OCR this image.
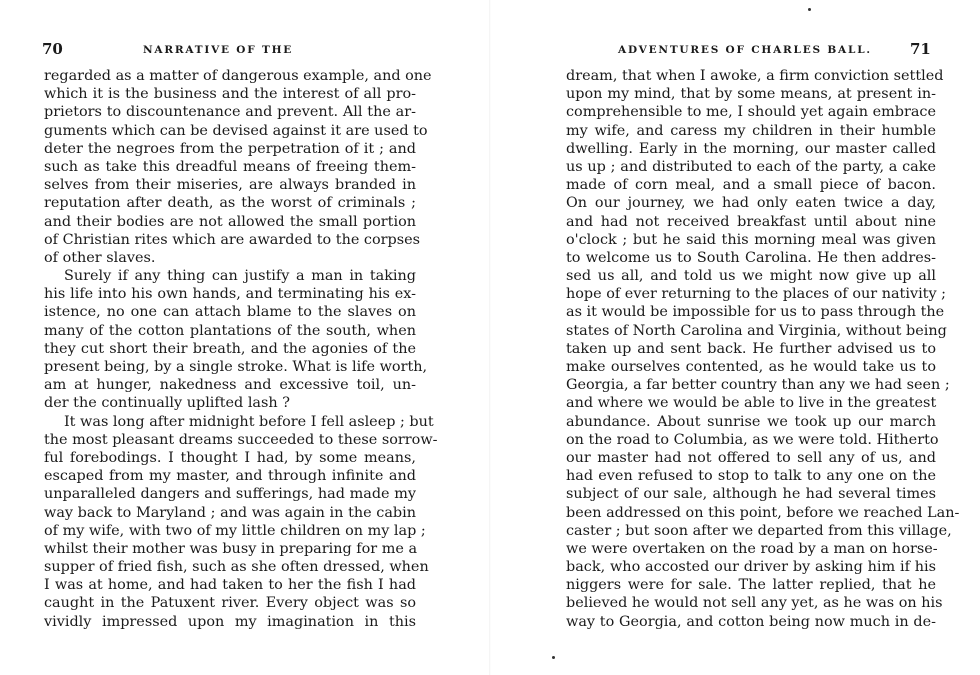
70	NARRATIVE OF THE
regarded as a matter of dangerous example, and one
which it is the business and the interest of all pro-
prietors to discountenance and prevent. All the ar-
guments which can be devised against it are used to
deter the negroes from the perpetration of it ; and
such as take this dreadful means of freeing them-
selves from their miseries, are always branded in
reputation after death, as the worst of criminals ;
and their bodies are not allowed the small portion
of Christian rites which are awarded to the corpses
of other slaves.
Surely if any thing can justify a man in taking
his life into his own hands, and terminating his ex-
istence, no one can attach blame to the slaves on
many of the cotton plantations of the south, when
they cut short their breath, and the agonies of the
present being, by a single stroke. What is life worth,
am at hunger, nakedness and excessive toil, un-
der the continually uplifted lash ?
It was long after midnight before I fell asleep ; but
the most pleasant dreams succeeded to these sorrow-
ful forebodings. I thought I had, by some means,
escaped from my master, and through infinite and
unparalleled dangers and sufferings, had made my
way back to Maryland ; and was again in the cabin
of my wife, with two of my little children on my lap ;
whilst their mother was busy in preparing for me a
supper of fried fish, such as she often dressed, when
I was at home, and had taken to her the fish I had
caught in the Patuxent river. Every object was so
vividly impressed upon my imagination in this
ADVENTURES OF CHARLES BALL.	71
dream, that when I awoke, a firm conviction settled
upon my mind, that by some means, at present in-
comprehensible to me, I should yet again embrace
my wife, and caress my children in their humble
dwelling. Early in the morning, our master called
us up ; and distributed to each of the party, a cake
made of corn meal, and a small piece of bacon.
On our journey, we had only eaten twice a day,
and had not received breakfast until about nine
o'clock ; but he said this morning meal was given
to welcome us to South Carolina. He then addres-
sed us all, and told us we might now give up all
hope of ever returning to the places of our nativity ;
as it would be impossible for us to pass through the
states of North Carolina and Virginia, without being
taken up and sent back. He further advised us to
make ourselves contented, as he would take us to
Georgia, a far better country than any we had seen ;
and where we would be able to live in the greatest
abundance. About sunrise we took up our march
on the road to Columbia, as we were told. Hitherto
our master had not offered to sell any of us, and
had even refused to stop to talk to any one on the
subject of our sale, although he had several times
been addressed on this point, before we reached Lan-
caster ; but soon after we departed from this village,
we were overtaken on the road by a man on horse-
back, who accosted our driver by asking him if his
niggers were for sale. The latter replied, that he
believed he would not sell any yet, as he was on his
way to Georgia, and cotton being now much in de-
